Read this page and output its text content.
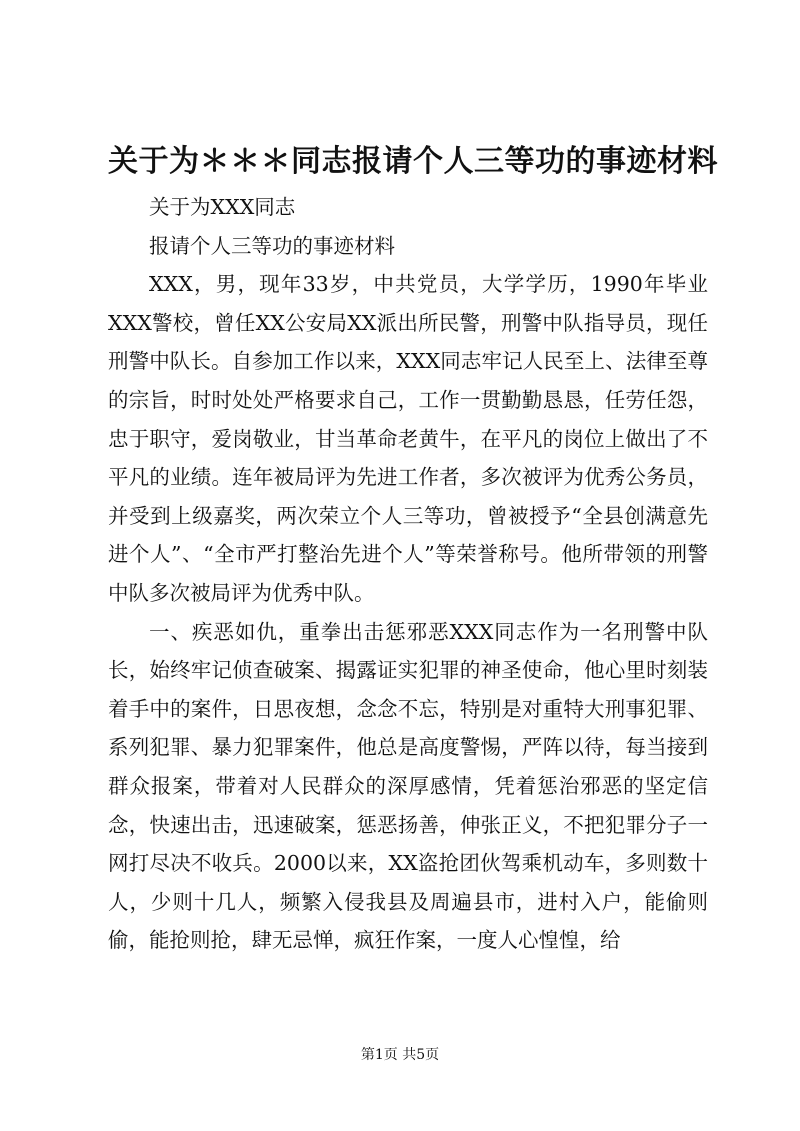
关于为＊＊＊同志报请个人三等功的事迹材料

关于为XXX同志

报请个人三等功的事迹材料

XXX，男，现年33岁，中共党员，大学学历，1990年毕业XXX警校，曾任XX公安局XX派出所民警，刑警中队指导员，现任刑警中队长。自参加工作以来，XXX同志牢记人民至上、法律至尊的宗旨，时时处处严格要求自己，工作一贯勤勤恳恳，任劳任怨，忠于职守，爱岗敬业，甘当革命老黄牛，在平凡的岗位上做出了不平凡的业绩。连年被局评为先进工作者，多次被评为优秀公务员，并受到上级嘉奖，两次荣立个人三等功，曾被授予“全县创满意先进个人”、“全市严打整治先进个人”等荣誉称号。他所带领的刑警中队多次被局评为优秀中队。

一、疾恶如仇，重拳出击惩邪恶XXX同志作为一名刑警中队长，始终牢记侦查破案、揭露证实犯罪的神圣使命，他心里时刻装着手中的案件，日思夜想，念念不忘，特别是对重特大刑事犯罪、系列犯罪、暴力犯罪案件，他总是高度警惕，严阵以待，每当接到群众报案，带着对人民群众的深厚感情，凭着惩治邪恶的坚定信念，快速出击，迅速破案，惩恶扬善，伸张正义，不把犯罪分子一网打尽决不收兵。2000以来，XX盗抢团伙驾乘机动车，多则数十人，少则十几人，频繁入侵我县及周遍县市，进村入户，能偷则偷，能抢则抢，肆无忌惮，疯狂作案，一度人心惶惶，给

第1页 共5页
